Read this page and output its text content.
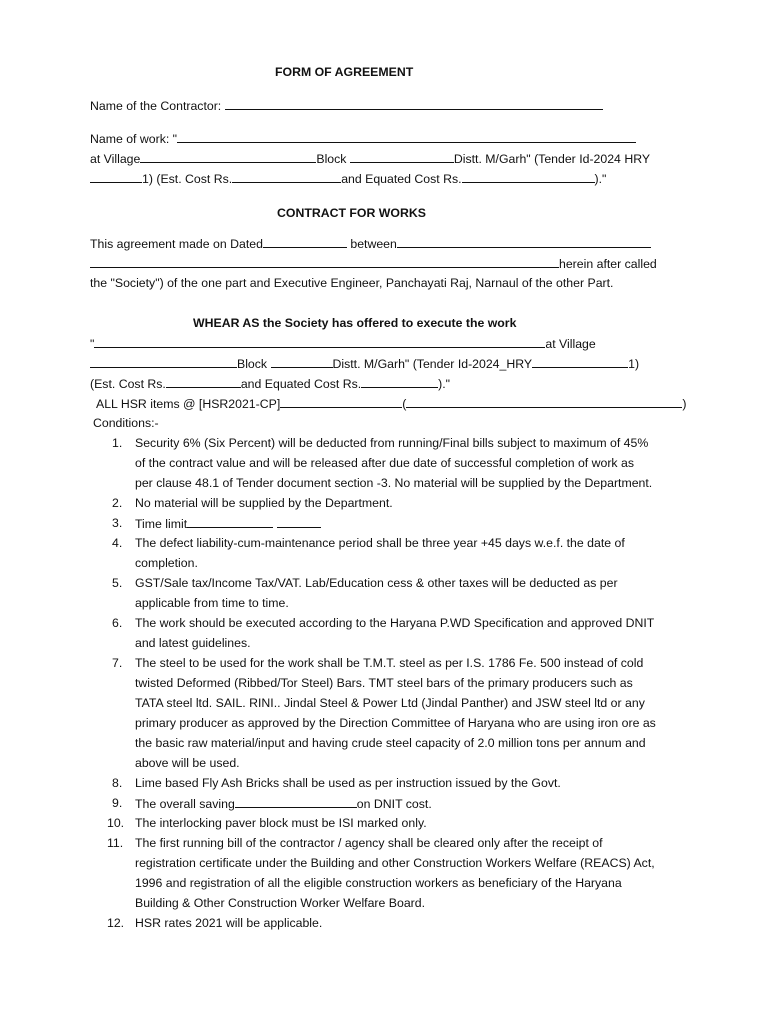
FORM OF AGREEMENT
Name of the Contractor:
Name of work: "
at Village	Block	Distt. M/Garh" (Tender Id-2024 HRY
1) (Est. Cost Rs.	and Equated Cost Rs.	)."
CONTRACT FOR WORKS
This agreement made on Dated	between
herein after called
the "Society") of the one part and Executive Engineer, Panchayati Raj, Narnaul of the other Part.
WHEAR AS the Society has offered to execute the work
"	at Village
Block	Distt. M/Garh" (Tender Id-2024_HRY	1)
(Est. Cost Rs.	and Equated Cost Rs.	)."
ALL HSR items @ [HSR2021-CP]	(	)
Conditions:-
1. Security 6% (Six Percent) will be deducted from running/Final bills subject to maximum of 45%
of the contract value and will be released after due date of successful completion of work as
per clause 48.1 of Tender document section -3. No material will be supplied by the Department.
2. No material will be supplied by the Department.
3. Time limit
4. The defect liability-cum-maintenance period shall be three year +45 days w.e.f. the date of
completion.
5. GST/Sale tax/Income Tax/VAT. Lab/Education cess & other taxes will be deducted as per
applicable from time to time.
6. The work should be executed according to the Haryana P.WD Specification and approved DNIT
and latest guidelines.
7. The steel to be used for the work shall be T.M.T. steel as per I.S. 1786 Fe. 500 instead of cold
twisted Deformed (Ribbed/Tor Steel) Bars. TMT steel bars of the primary producers such as
TATA steel ltd. SAIL. RINI.. Jindal Steel & Power Ltd (Jindal Panther) and JSW steel ltd or any
primary producer as approved by the Direction Committee of Haryana who are using iron ore as
the basic raw material/input and having crude steel capacity of 2.0 million tons per annum and
above will be used.
8. Lime based Fly Ash Bricks shall be used as per instruction issued by the Govt.
9. The overall saving	on DNIT cost.
10. The interlocking paver block must be ISI marked only.
11. The first running bill of the contractor / agency shall be cleared only after the receipt of
registration certificate under the Building and other Construction Workers Welfare (REACS) Act,
1996 and registration of all the eligible construction workers as beneficiary of the Haryana
Building & Other Construction Worker Welfare Board.
12. HSR rates 2021 will be applicable.
